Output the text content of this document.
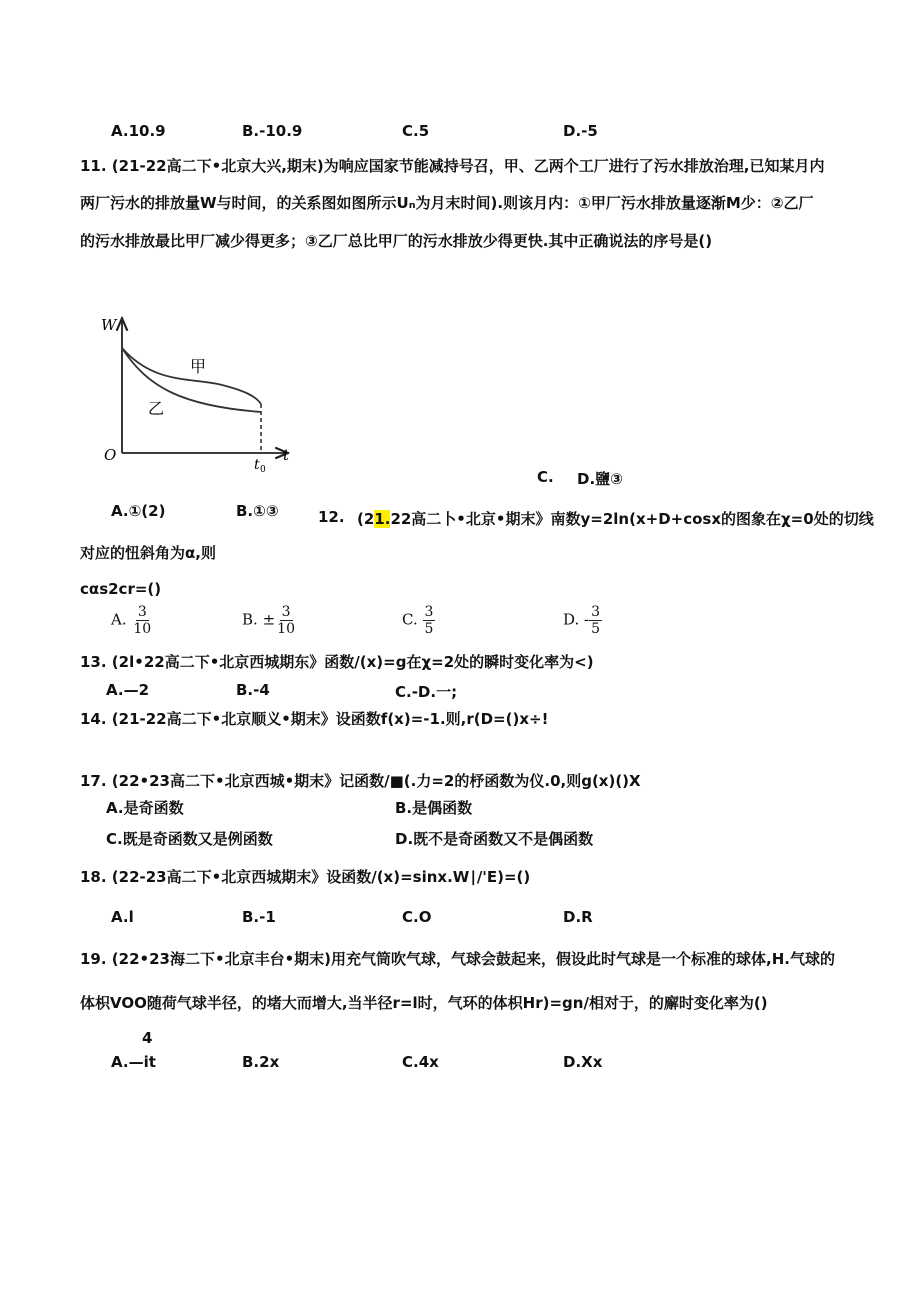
A.10.9	B.-10.9	C.5	D.-5
11. (21-22高二下•北京大兴,期末)为响应国家节能减持号召，甲、乙两个工厂进行了污水排放治理,已知某月内
两厂污水的排放量W与时间，的关系图如图所示Uₙ为月末时间).则该月内：①甲厂污水排放量逐渐M少：②乙厂
的污水排放最比甲厂减少得更多；③乙厂总比甲厂的污水排放少得更快.其中正确说法的序号是()
W
t
O
t 0
甲
乙
C. D.鹽③
A.①(2)	B.①③	12. (21.22高二卜•北京•期末》南数y=2ln(x+D+cosx的图象在χ=0处的切线
对应的忸斜角为α,则
cαs2cr=()
A. $\frac{3}{10}$	B. ± $\frac{3}{10}$	C. $\frac{3}{5}$	D. - $\frac{3}{5}$
13. (2l•22高二下•北京西城期东》函数/(x)=g在χ=2处的瞬时变化率为<)
A.—2	B.-4	C.-D.一;
14. (21-22高二下•北京顺义•期末》设函数f(x)=-1.则,r(D=()x÷!
17. (22•23高二下•北京西城•期末》记函数/■(.力=2的杼函数为仪.0,则g(x)()X
A.是奇函数	B.是偶函数
C.既是奇函数又是例函数	D.既不是奇函数又不是偶函数
18. (22-23高二下•北京西城期末》设函数/(x)=sinx.W∣/'E)=()
A.l	B.-1	C.O	D.R
19. (22•23海二下•北京丰台•期末)用充气筒吹气球，气球会鼓起来，假设此时气球是一个标准的球体,H.气球的
体枳VOO随荷气球半径，的堵大而增大,当半径r=l时，气环的体枳Hr)=gn/相对于，的廨时变化率为()
4
A.—it	B.2x	C.4x	D.Xx
